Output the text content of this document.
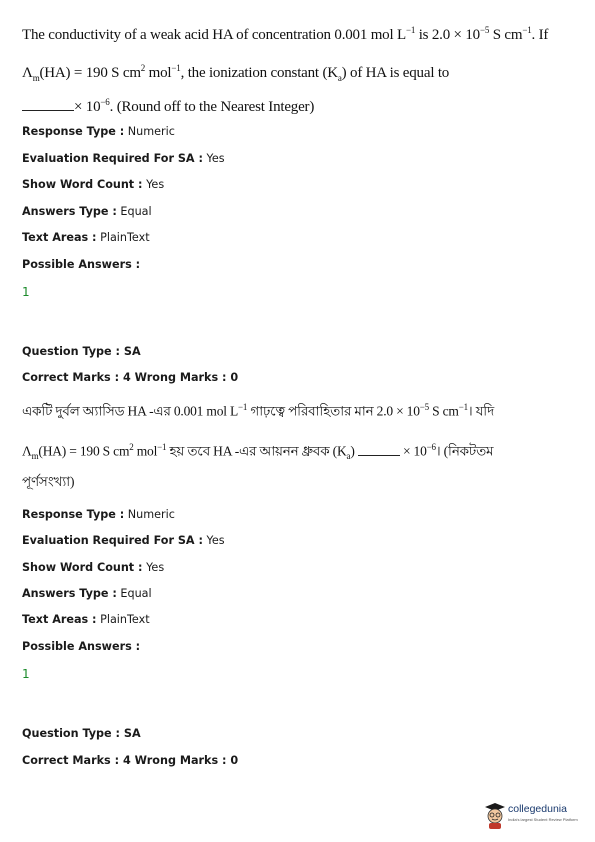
The conductivity of a weak acid HA of concentration 0.001 mol $L^{-1}$ is $2.0 \times 10^{-5}$ S $cm^{-1}$. If
$\Lambda_m(HA) = 190$ S $cm^2$ mol$^{-1}$, the ionization constant $(K_a)$ of HA is equal to
× $10^{-6}$. (Round off to the Nearest Integer)
Response Type : Numeric
Evaluation Required For SA : Yes
Show Word Count : Yes
Answers Type : Equal
Text Areas : PlainText
Possible Answers :
1
Question Type : SA
Correct Marks : 4 Wrong Marks : 0
একটি দুর্বল অ্যাসিড HA -এর 0.001 mol $L^{-1}$ গাঢ়ত্বে পরিবাহিতার মান $2.0 \times 10^{-5}$ S $cm^{-1}।$ যদি
$\Lambda_m(HA) = 190$ S $cm^2$ mol$^{-1}$ হয় তবে HA -এর আয়নন ধ্রুবক $(K_a)$	× $10^{-6}।$ (নিকটতম
পূর্ণসংখ্যা)
Response Type : Numeric
Evaluation Required For SA : Yes
Show Word Count : Yes
Answers Type : Equal
Text Areas : PlainText
Possible Answers :
1
Question Type : SA
Correct Marks : 4 Wrong Marks : 0
collegedunia
India's largest Student Review Platform
